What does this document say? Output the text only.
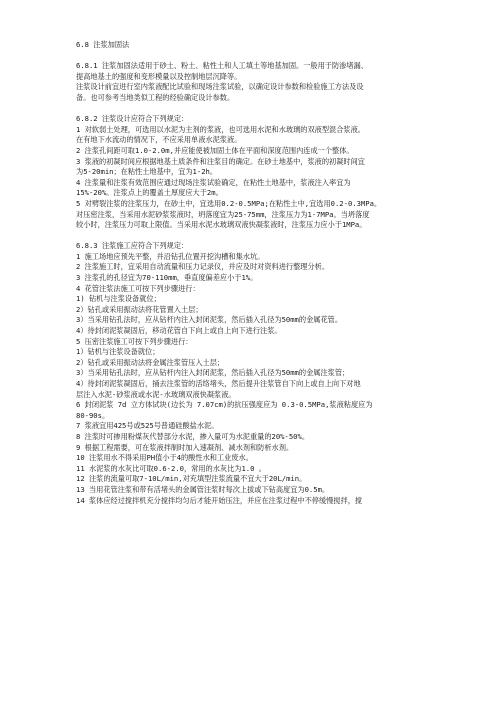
6.8 注浆加固法
6.8.1 注浆加固法适用于砂土、粉土、粘性土和人工填土等地基加固。一般用于防渗堵漏、
提高地基土的强度和变形模量以及控制地层沉降等。
注浆设计前宜进行室内浆液配比试验和现场注浆试验，以确定设计参数和检验施工方法及设
备。也可参考当地类似工程的经验确定设计参数。
6.8.2 注浆设计应符合下列规定：
1 对软弱土处理，可选用以水泥为主剂的浆液，也可选用水泥和水玻璃的双液型混合浆液。
在有地下水流动的情况下，不应采用单液水泥浆液。
2 注浆孔间距可取1.0-2.0m,并应能使被加固土体在平面和深度范围内连成一个整体。
3 浆液的初凝时间应根据地基土质条件和注浆目的确定。在砂土地基中，浆液的初凝时间宜
为5-20min；在粘性土地基中，宜为1-2h。
4 注浆量和注浆有效范围应通过现场注浆试验确定，在粘性土地基中，浆液注入率宜为
15%-20%。注浆点上的覆盖土厚度应大于2m。
5 对劈裂注浆的注浆压力，在砂土中，宜选用0.2-0.5MPa;在粘性土中,宜选用0.2-0.3MPa。
对压密注浆，当采用水泥砂浆浆液时，坍落度宜为25-75mm，注浆压力为1-7MPa。当坍落度
较小时，注浆压力可取上限值。当采用水泥水玻璃双液快凝浆液时，注浆压力应小于1MPa。
6.8.3 注浆施工应符合下列规定：
1 施工场地应预先平整，并沿钻孔位置开挖沟槽和集水坑。
2 注浆施工时，宜采用自动流量和压力记录仪，并应及时对资料进行整理分析。
3 注浆孔的孔径宜为70-110mm，垂直度偏差应小于1%。
4 花管注浆法施工可按下列步骤进行：
1) 钻机与注浆设备就位；
2）钻孔或采用振动法将花管置入土层；
3）当采用钻孔法时，应从钻杆内注入封闭泥浆，然后插入孔径为50mm的金属花管。
4）待封闭泥浆凝固后，移动花管自下向上或自上向下进行注浆。
5 压密注浆施工可按下列步骤进行：
1）钻机与注浆设备就位；
2）钻孔或采用振动法将金属注浆管压入土层；
3）当采用钻孔法时，应从钻杆内注入封闭泥浆，然后插入孔径为50mm的金属注浆管；
4）待封闭泥浆凝固后，捅去注浆管的活络堵头，然后提升注浆管自下向上或自上向下对地
层注入水泥-砂浆液或水泥-水玻璃双液快凝浆液。
6 封闭泥浆 7d 立方体试块(边长为 7.07cm)的抗压强度应为 0.3-0.5MPa,浆液粘度应为
80-90s。
7 浆液宜用425号或525号普通硅酸盐水泥。
8 注浆时可掺用粉煤灰代替部分水泥，掺入量可为水泥重量的20%-50%。
9 根据工程需要，可在浆液拌制时加入速凝剂、减水剂和防析水剂。
10 注浆用水不得采用PH值小于4的酸性水和工业废水。
11 水泥浆的水灰比可取0.6-2.0，常用的水灰比为1.0 。
12 注浆的流量可取7-10L/min,对充填型注浆流量不宜大于20L/min。
13 当用花管注浆和带有活堵头的金属管注浆时每次上拔或下钻高度宜为0.5m。
14 浆体应经过搅拌机充分搅拌均匀后才能开始压注，并应在注浆过程中不停缓慢搅拌，搅
